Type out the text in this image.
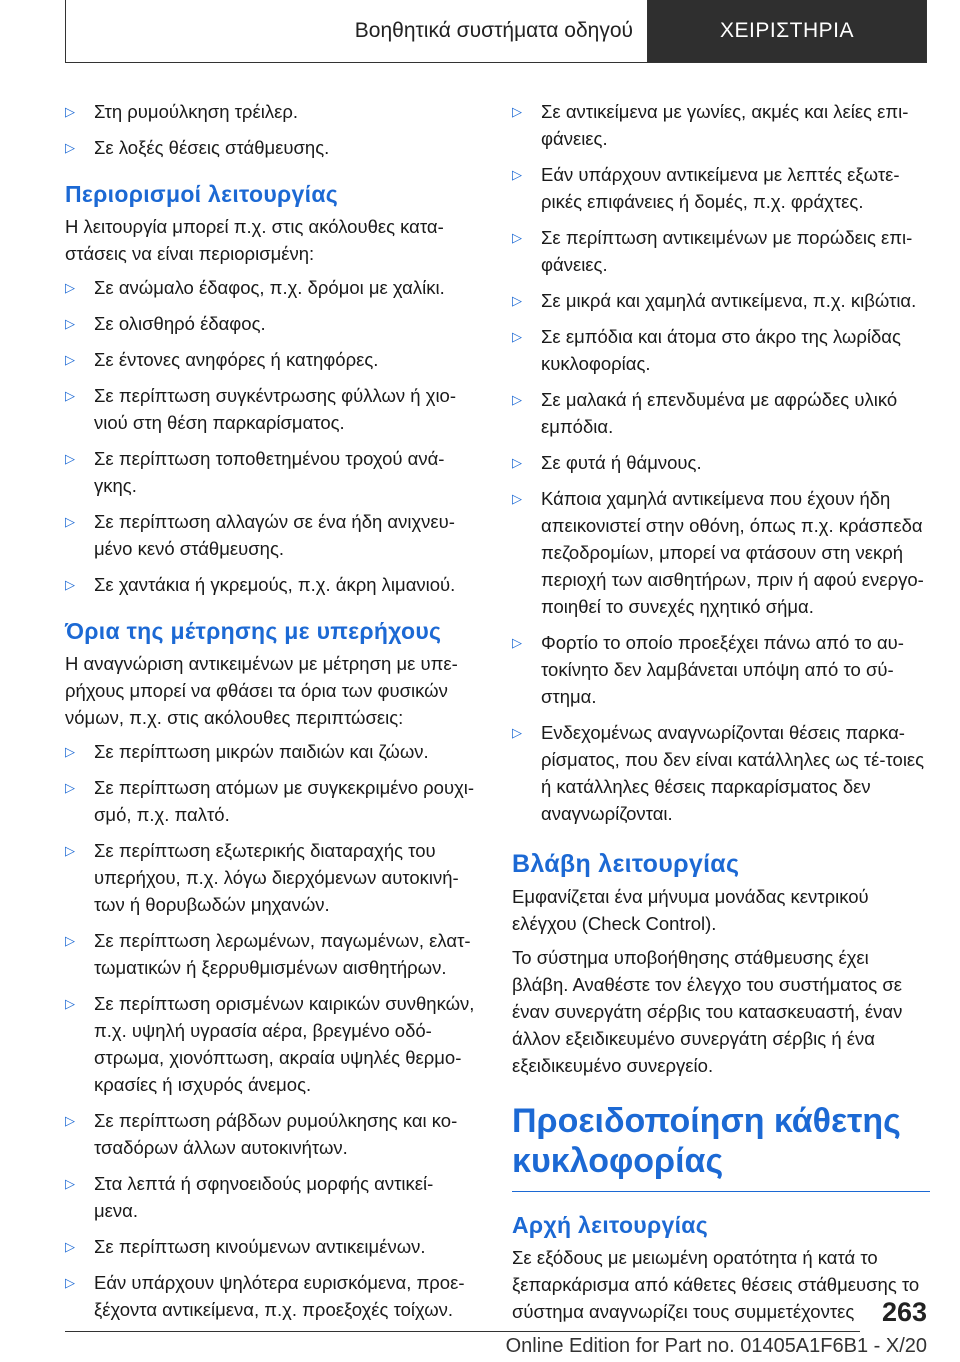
Βοηθητικά συστήματα οδηγού	ΧΕΙΡΙΣΤΗΡΙΑ
▷	Στη ρυμούλκηση τρέιλερ.
▷	Σε λοξές θέσεις στάθμευσης.
Περιορισμοί λειτουργίας
Η λειτουργία μπορεί π.χ. στις ακόλουθες κατα-στάσεις να είναι περιορισμένη:
▷	Σε ανώμαλο έδαφος, π.χ. δρόμοι με χαλίκι.
▷	Σε ολισθηρό έδαφος.
▷	Σε έντονες ανηφόρες ή κατηφόρες.
▷	Σε περίπτωση συγκέντρωσης φύλλων ή χιο-νιού στη θέση παρκαρίσματος.
▷	Σε περίπτωση τοποθετημένου τροχού ανά-γκης.
▷	Σε περίπτωση αλλαγών σε ένα ήδη ανιχνευ-μένο κενό στάθμευσης.
▷	Σε χαντάκια ή γκρεμούς, π.χ. άκρη λιμανιού.
Όρια της μέτρησης με υπερήχους
Η αναγνώριση αντικειμένων με μέτρηση με υπε-ρήχους μπορεί να φθάσει τα όρια των φυσικών νόμων, π.χ. στις ακόλουθες περιπτώσεις:
▷	Σε περίπτωση μικρών παιδιών και ζώων.
▷	Σε περίπτωση ατόμων με συγκεκριμένο ρουχι-σμό, π.χ. παλτό.
▷	Σε περίπτωση εξωτερικής διαταραχής του υπερήχου, π.χ. λόγω διερχόμενων αυτοκινή-των ή θορυβωδών μηχανών.
▷	Σε περίπτωση λερωμένων, παγωμένων, ελατ-τωματικών ή ξερρυθμισμένων αισθητήρων.
▷	Σε περίπτωση ορισμένων καιρικών συνθηκών, π.χ. υψηλή υγρασία αέρα, βρεγμένο οδό-στρωμα, χιονόπτωση, ακραία υψηλές θερμο-κρασίες ή ισχυρός άνεμος.
▷	Σε περίπτωση ράβδων ρυμούλκησης και κο-τσαδόρων άλλων αυτοκινήτων.
▷	Στα λεπτά ή σφηνοειδούς μορφής αντικεί-μενα.
▷	Σε περίπτωση κινούμενων αντικειμένων.
▷	Εάν υπάρχουν ψηλότερα ευρισκόμενα, προε-ξέχοντα αντικείμενα, π.χ. προεξοχές τοίχων.
▷	Σε αντικείμενα με γωνίες, ακμές και λείες επι-φάνειες.
▷	Εάν υπάρχουν αντικείμενα με λεπτές εξωτε-ρικές επιφάνειες ή δομές, π.χ. φράχτες.
▷	Σε περίπτωση αντικειμένων με πορώδεις επι-φάνειες.
▷	Σε μικρά και χαμηλά αντικείμενα, π.χ. κιβώτια.
▷	Σε εμπόδια και άτομα στο άκρο της λωρίδας κυκλοφορίας.
▷	Σε μαλακά ή επενδυμένα με αφρώδες υλικό εμπόδια.
▷	Σε φυτά ή θάμνους.
▷	Κάποια χαμηλά αντικείμενα που έχουν ήδη απεικονιστεί στην οθόνη, όπως π.χ. κράσπεδα πεζοδρομίων, μπορεί να φτάσουν στη νεκρή περιοχή των αισθητήρων, πριν ή αφού ενεργο-ποιηθεί το συνεχές ηχητικό σήμα.
▷	Φορτίο το οποίο προεξέχει πάνω από το αυ-τοκίνητο δεν λαμβάνεται υπόψη από το σύ-στημα.
▷	Ενδεχομένως αναγνωρίζονται θέσεις παρκα-ρίσματος, που δεν είναι κατάλληλες ως τέ-τοιες ή κατάλληλες θέσεις παρκαρίσματος δεν αναγνωρίζονται.
Βλάβη λειτουργίας
Εμφανίζεται ένα μήνυμα μονάδας κεντρικού ελέγχου (Check Control).
Το σύστημα υποβοήθησης στάθμευσης έχει βλάβη. Αναθέστε τον έλεγχο του συστήματος σε έναν συνεργάτη σέρβις του κατασκευαστή, έναν άλλον εξειδικευμένο συνεργάτη σέρβις ή ένα εξειδικευμένο συνεργείο.
Προειδοποίηση κάθετης κυκλοφορίας
Αρχή λειτουργίας
Σε εξόδους με μειωμένη ορατότητα ή κατά το ξεπαρκάρισμα από κάθετες θέσεις στάθμευσης το σύστημα αναγνωρίζει τους συμμετέχοντες	263
Online Edition for Part no. 01405A1F6B1 - X/20
